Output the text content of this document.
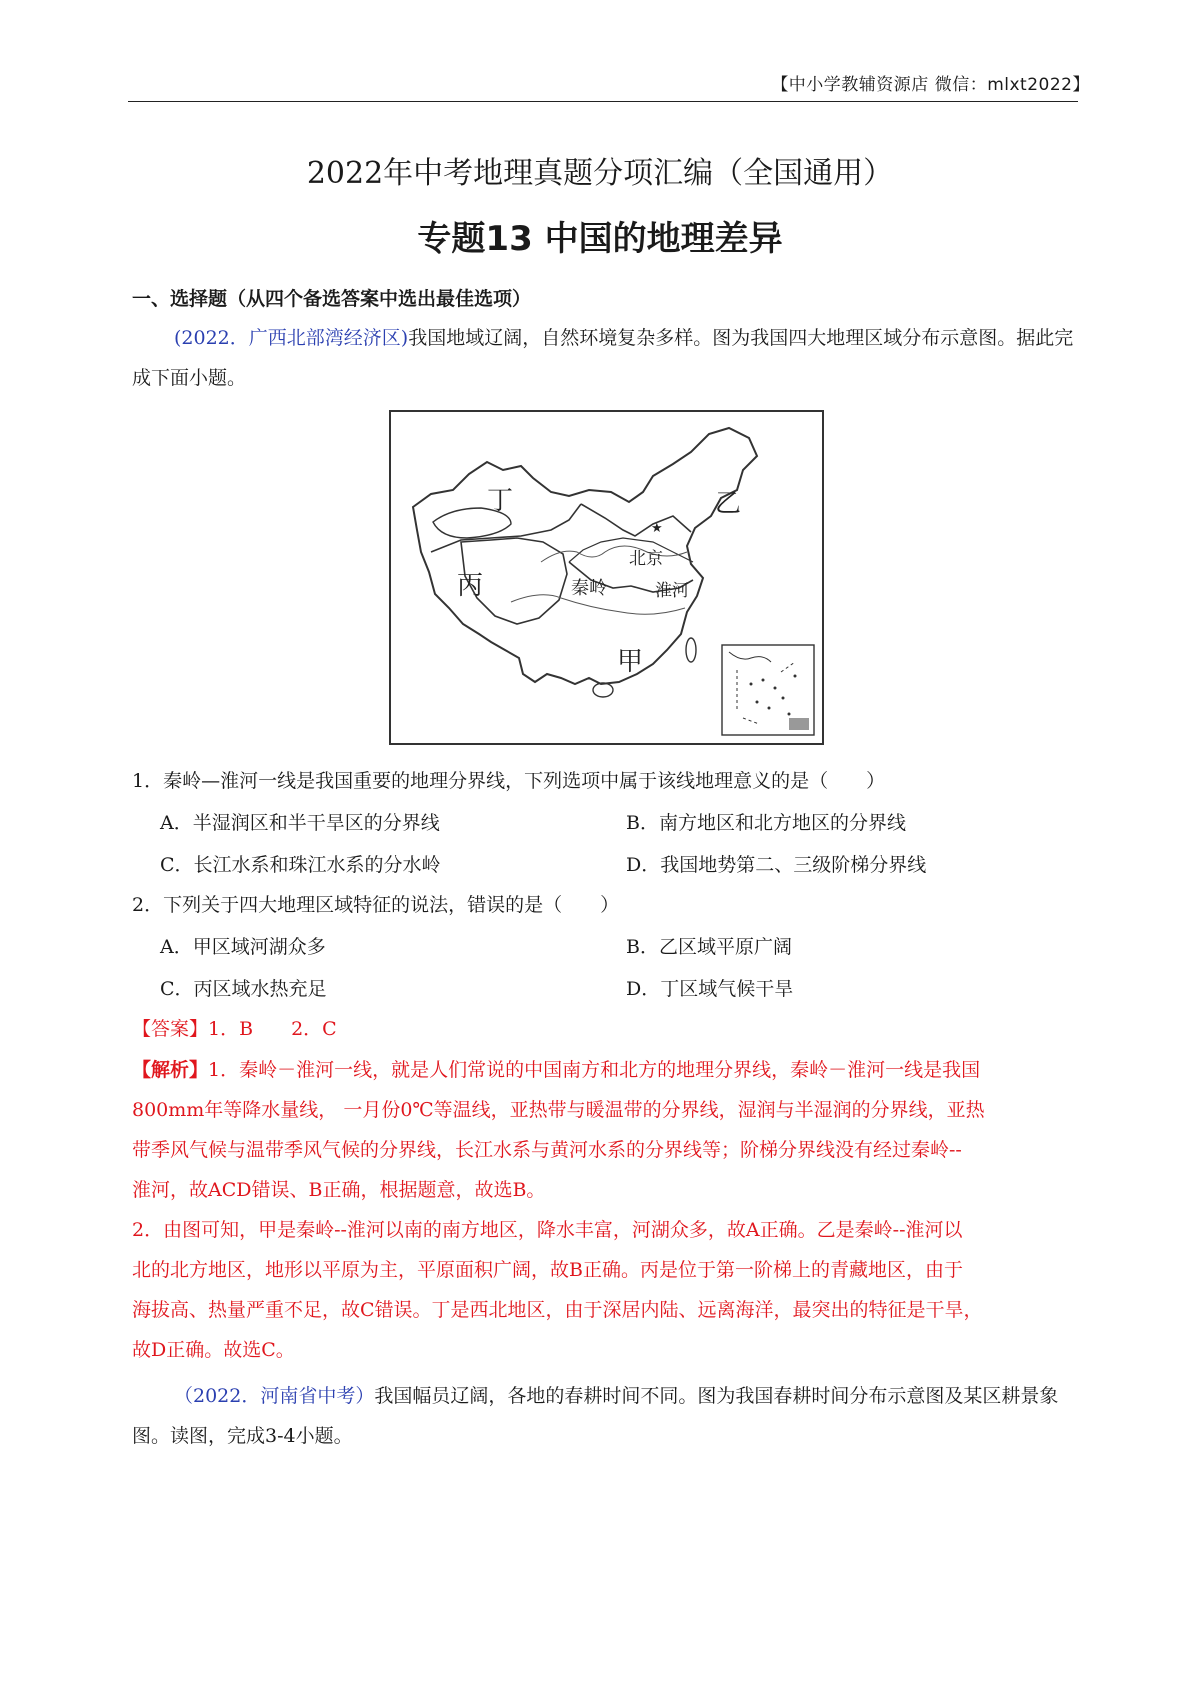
【中小学教辅资源店 微信：mlxt2022】
2022年中考地理真题分项汇编（全国通用）
专题13 中国的地理差异
一、选择题（从四个备选答案中选出最佳选项）
(2022．广西北部湾经济区)我国地域辽阔，自然环境复杂多样。图为我国四大地理区域分布示意图。据此完成下面小题。
★
丁	乙
丙
甲
北京
淮河
秦岭
1．秦岭—淮河一线是我国重要的地理分界线，下列选项中属于该线地理意义的是（　　）
A．半湿润区和半干旱区的分界线	B．南方地区和北方地区的分界线
C．长江水系和珠江水系的分水岭	D．我国地势第二、三级阶梯分界线
2．下列关于四大地理区域特征的说法，错误的是（　　）
A．甲区域河湖众多	B．乙区域平原广阔
C．丙区域水热充足	D．丁区域气候干旱
【答案】1．B　　2．C
【解析】1．秦岭－淮河一线，就是人们常说的中国南方和北方的地理分界线，秦岭－淮河一线是我国
800mm年等降水量线， 一月份0℃等温线，亚热带与暖温带的分界线，湿润与半湿润的分界线，亚热
带季风气候与温带季风气候的分界线，长江水系与黄河水系的分界线等；阶梯分界线没有经过秦岭--
淮河，故ACD错误、B正确，根据题意，故选B。
2．由图可知，甲是秦岭--淮河以南的南方地区，降水丰富，河湖众多，故A正确。乙是秦岭--淮河以
北的北方地区，地形以平原为主，平原面积广阔，故B正确。丙是位于第一阶梯上的青藏地区，由于
海拔高、热量严重不足，故C错误。丁是西北地区，由于深居内陆、远离海洋，最突出的特征是干旱，
故D正确。故选C。
（2022．河南省中考）我国幅员辽阔，各地的春耕时间不同。图为我国春耕时间分布示意图及某区耕景象图。读图，完成3-4小题。
